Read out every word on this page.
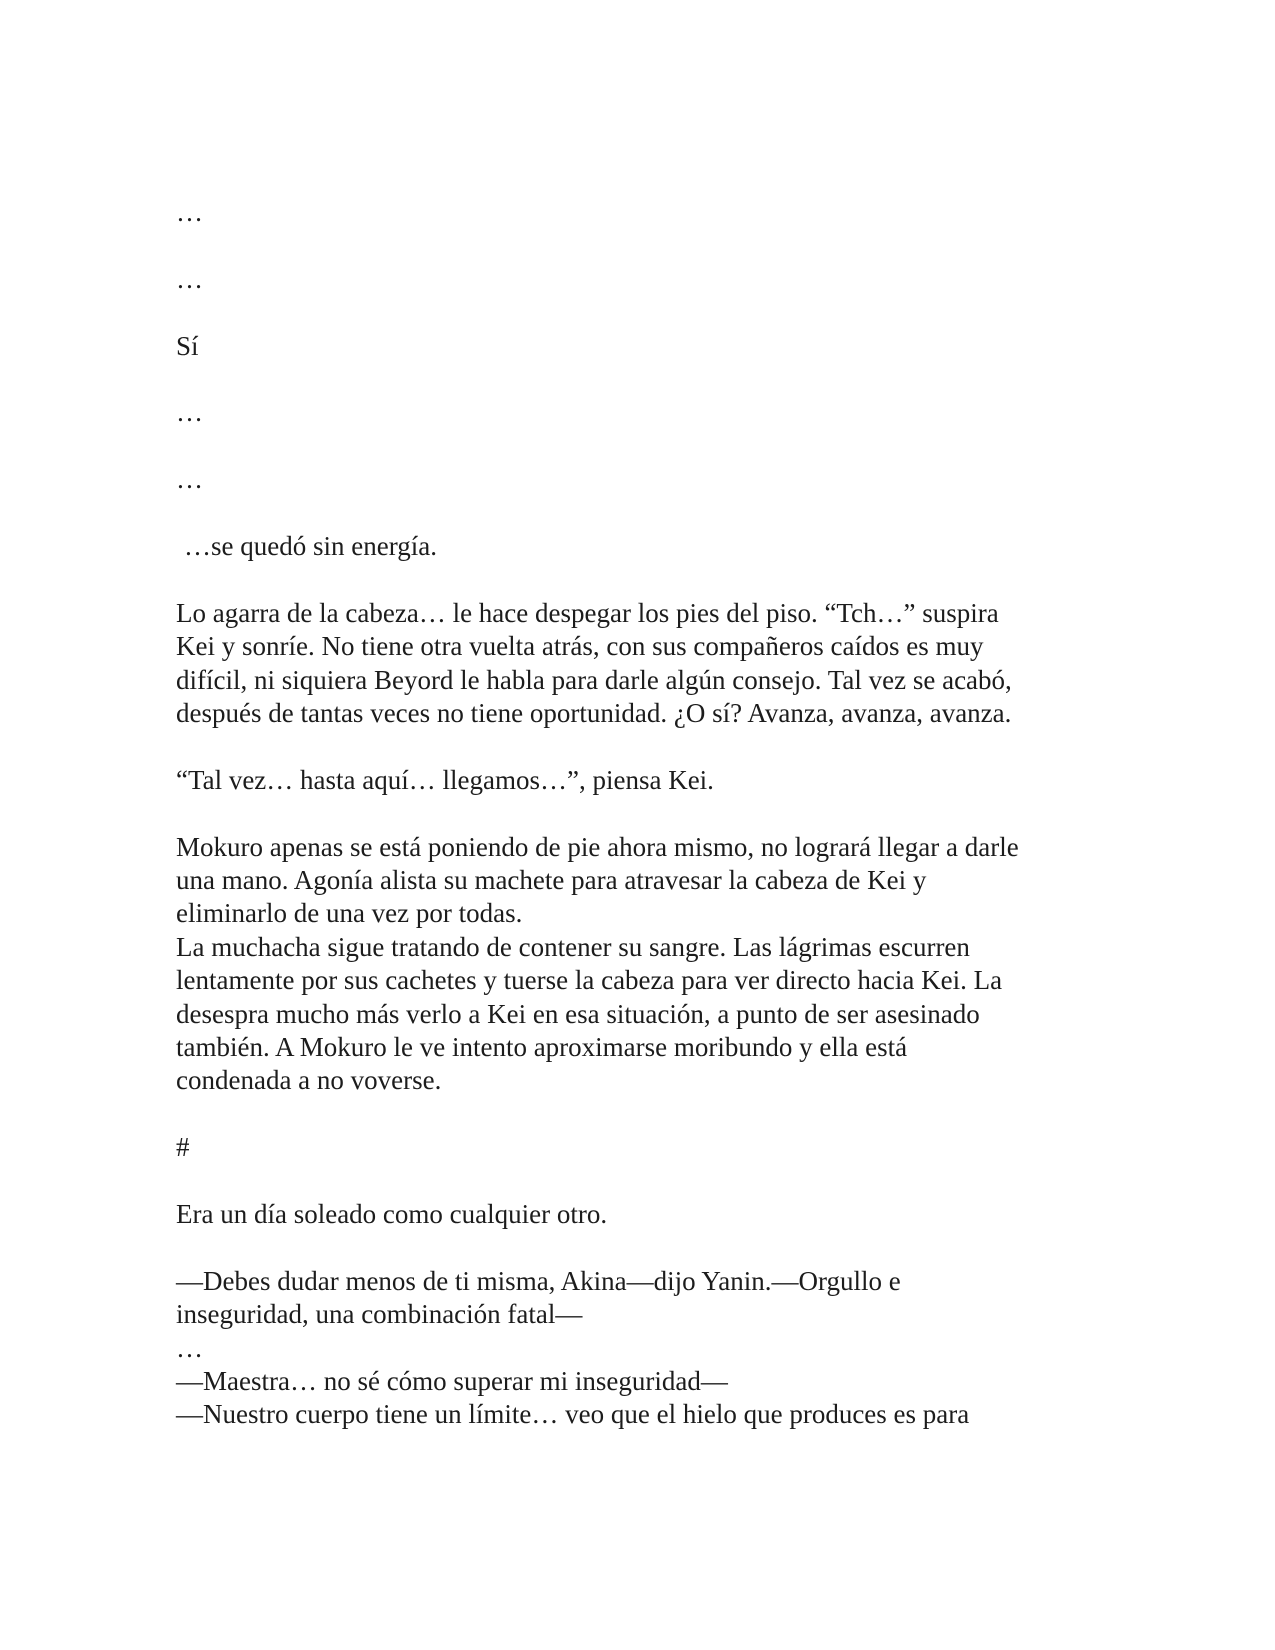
…

…

Sí

…

…

…se quedó sin energía.

Lo agarra de la cabeza… le hace despegar los pies del piso. “Tch…” suspira

Kei y sonríe. No tiene otra vuelta atrás, con sus compañeros caídos es muy

difícil, ni siquiera Beyord le habla para darle algún consejo. Tal vez se acabó,

después de tantas veces no tiene oportunidad. ¿O sí? Avanza, avanza, avanza.

“Tal vez… hasta aquí… llegamos…”, piensa Kei.

Mokuro apenas se está poniendo de pie ahora mismo, no logrará llegar a darle

una mano. Agonía alista su machete para atravesar la cabeza de Kei y

eliminarlo de una vez por todas.

La muchacha sigue tratando de contener su sangre. Las lágrimas escurren

lentamente por sus cachetes y tuerse la cabeza para ver directo hacia Kei. La

desespra mucho más verlo a Kei en esa situación, a punto de ser asesinado

también. A Mokuro le ve intento aproximarse moribundo y ella está

condenada a no voverse.

#

Era un día soleado como cualquier otro.

—Debes dudar menos de ti misma, Akina—dijo Yanin.—Orgullo e

inseguridad, una combinación fatal—

…

—Maestra… no sé cómo superar mi inseguridad—

—Nuestro cuerpo tiene un límite… veo que el hielo que produces es para
